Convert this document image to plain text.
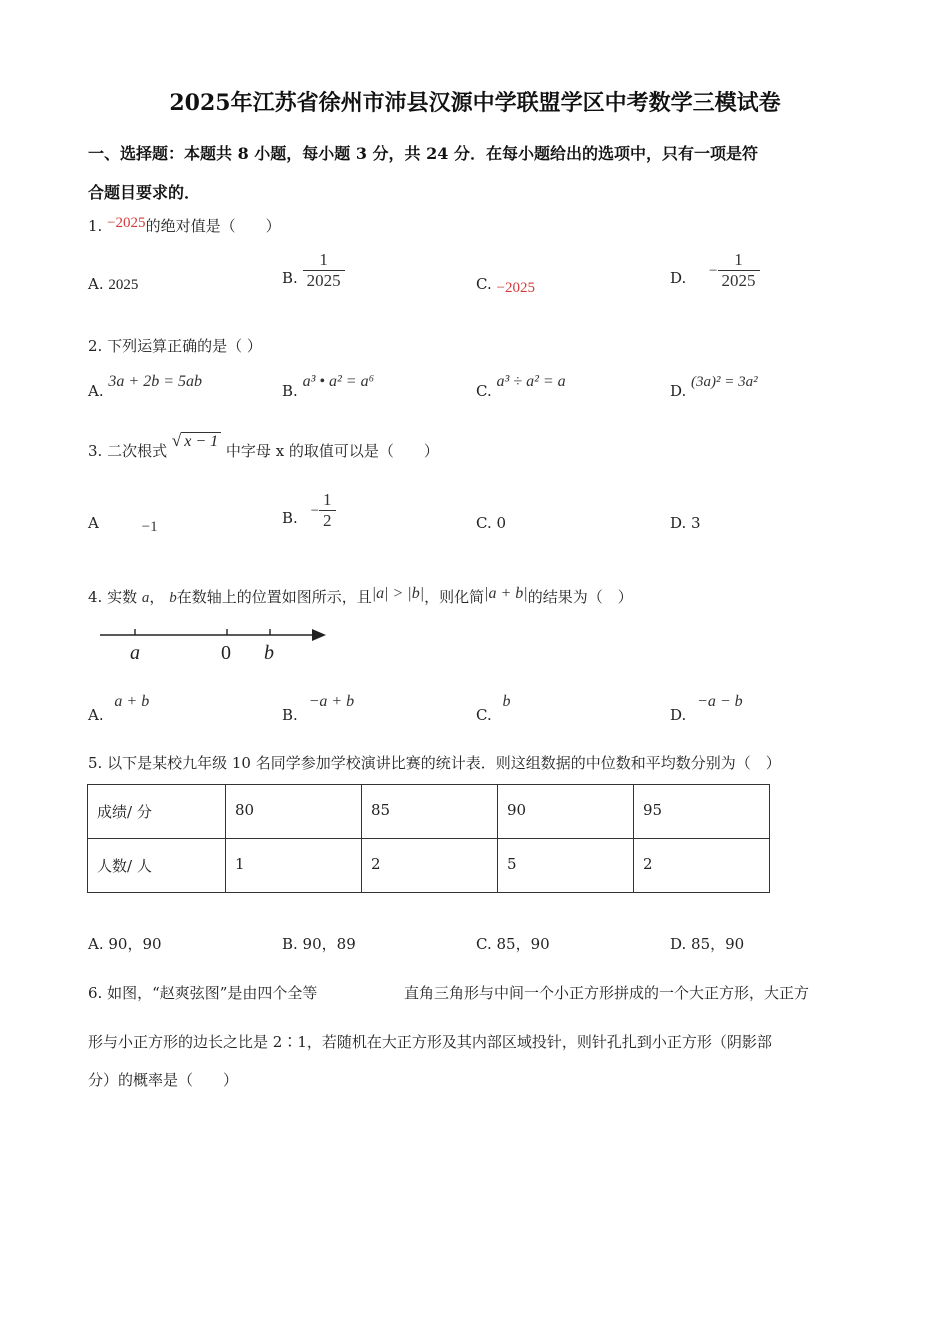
2025年江苏省徐州市沛县汉源中学联盟学区中考数学三模试卷
一、选择题：本题共 8 小题，每小题 3 分，共 24 分．在每小题给出的选项中，只有一项是符
合题目要求的．
1. −2025的绝对值是（　　）
A. 2025	B. $\frac{1}{2025}$	C. −2025
D. − $\frac{1}{2025}$
2. 下列运算正确的是（ ）
A. 3a + 2b = 5ab
B. a³ • a² = a⁶
C. a³ ÷ a² = a
D. (3a)² = 3a²
3. 二次根式 √ x − 1 中字母 x 的取值可以是（　　）
A	−1
B. − $\frac{1}{2}$	C. 0	D. 3
4. 实数 a， b在数轴上的位置如图所示，且|a| > |b|，则化简|a + b|的结果为（　）
a	0 b
A. a + b
B. −a + b
C. b
D. −a − b
5. 以下是某校九年级 10 名同学参加学校演讲比赛的统计表．则这组数据的中位数和平均数分别为（　）
成绩/ 分	80	85	90	95
人数/ 人	1	2	5	2
A. 90，90	B. 90，89	C. 85，90	D. 85，90
6. 如图，“赵爽弦图”是由四个全等	直角三角形与中间一个小正方形拼成的一个大正方形，大正方
形与小正方形的边长之比是 2∶1，若随机在大正方形及其内部区域投针，则针孔扎到小正方形（阴影部
分）的概率是（　　）
